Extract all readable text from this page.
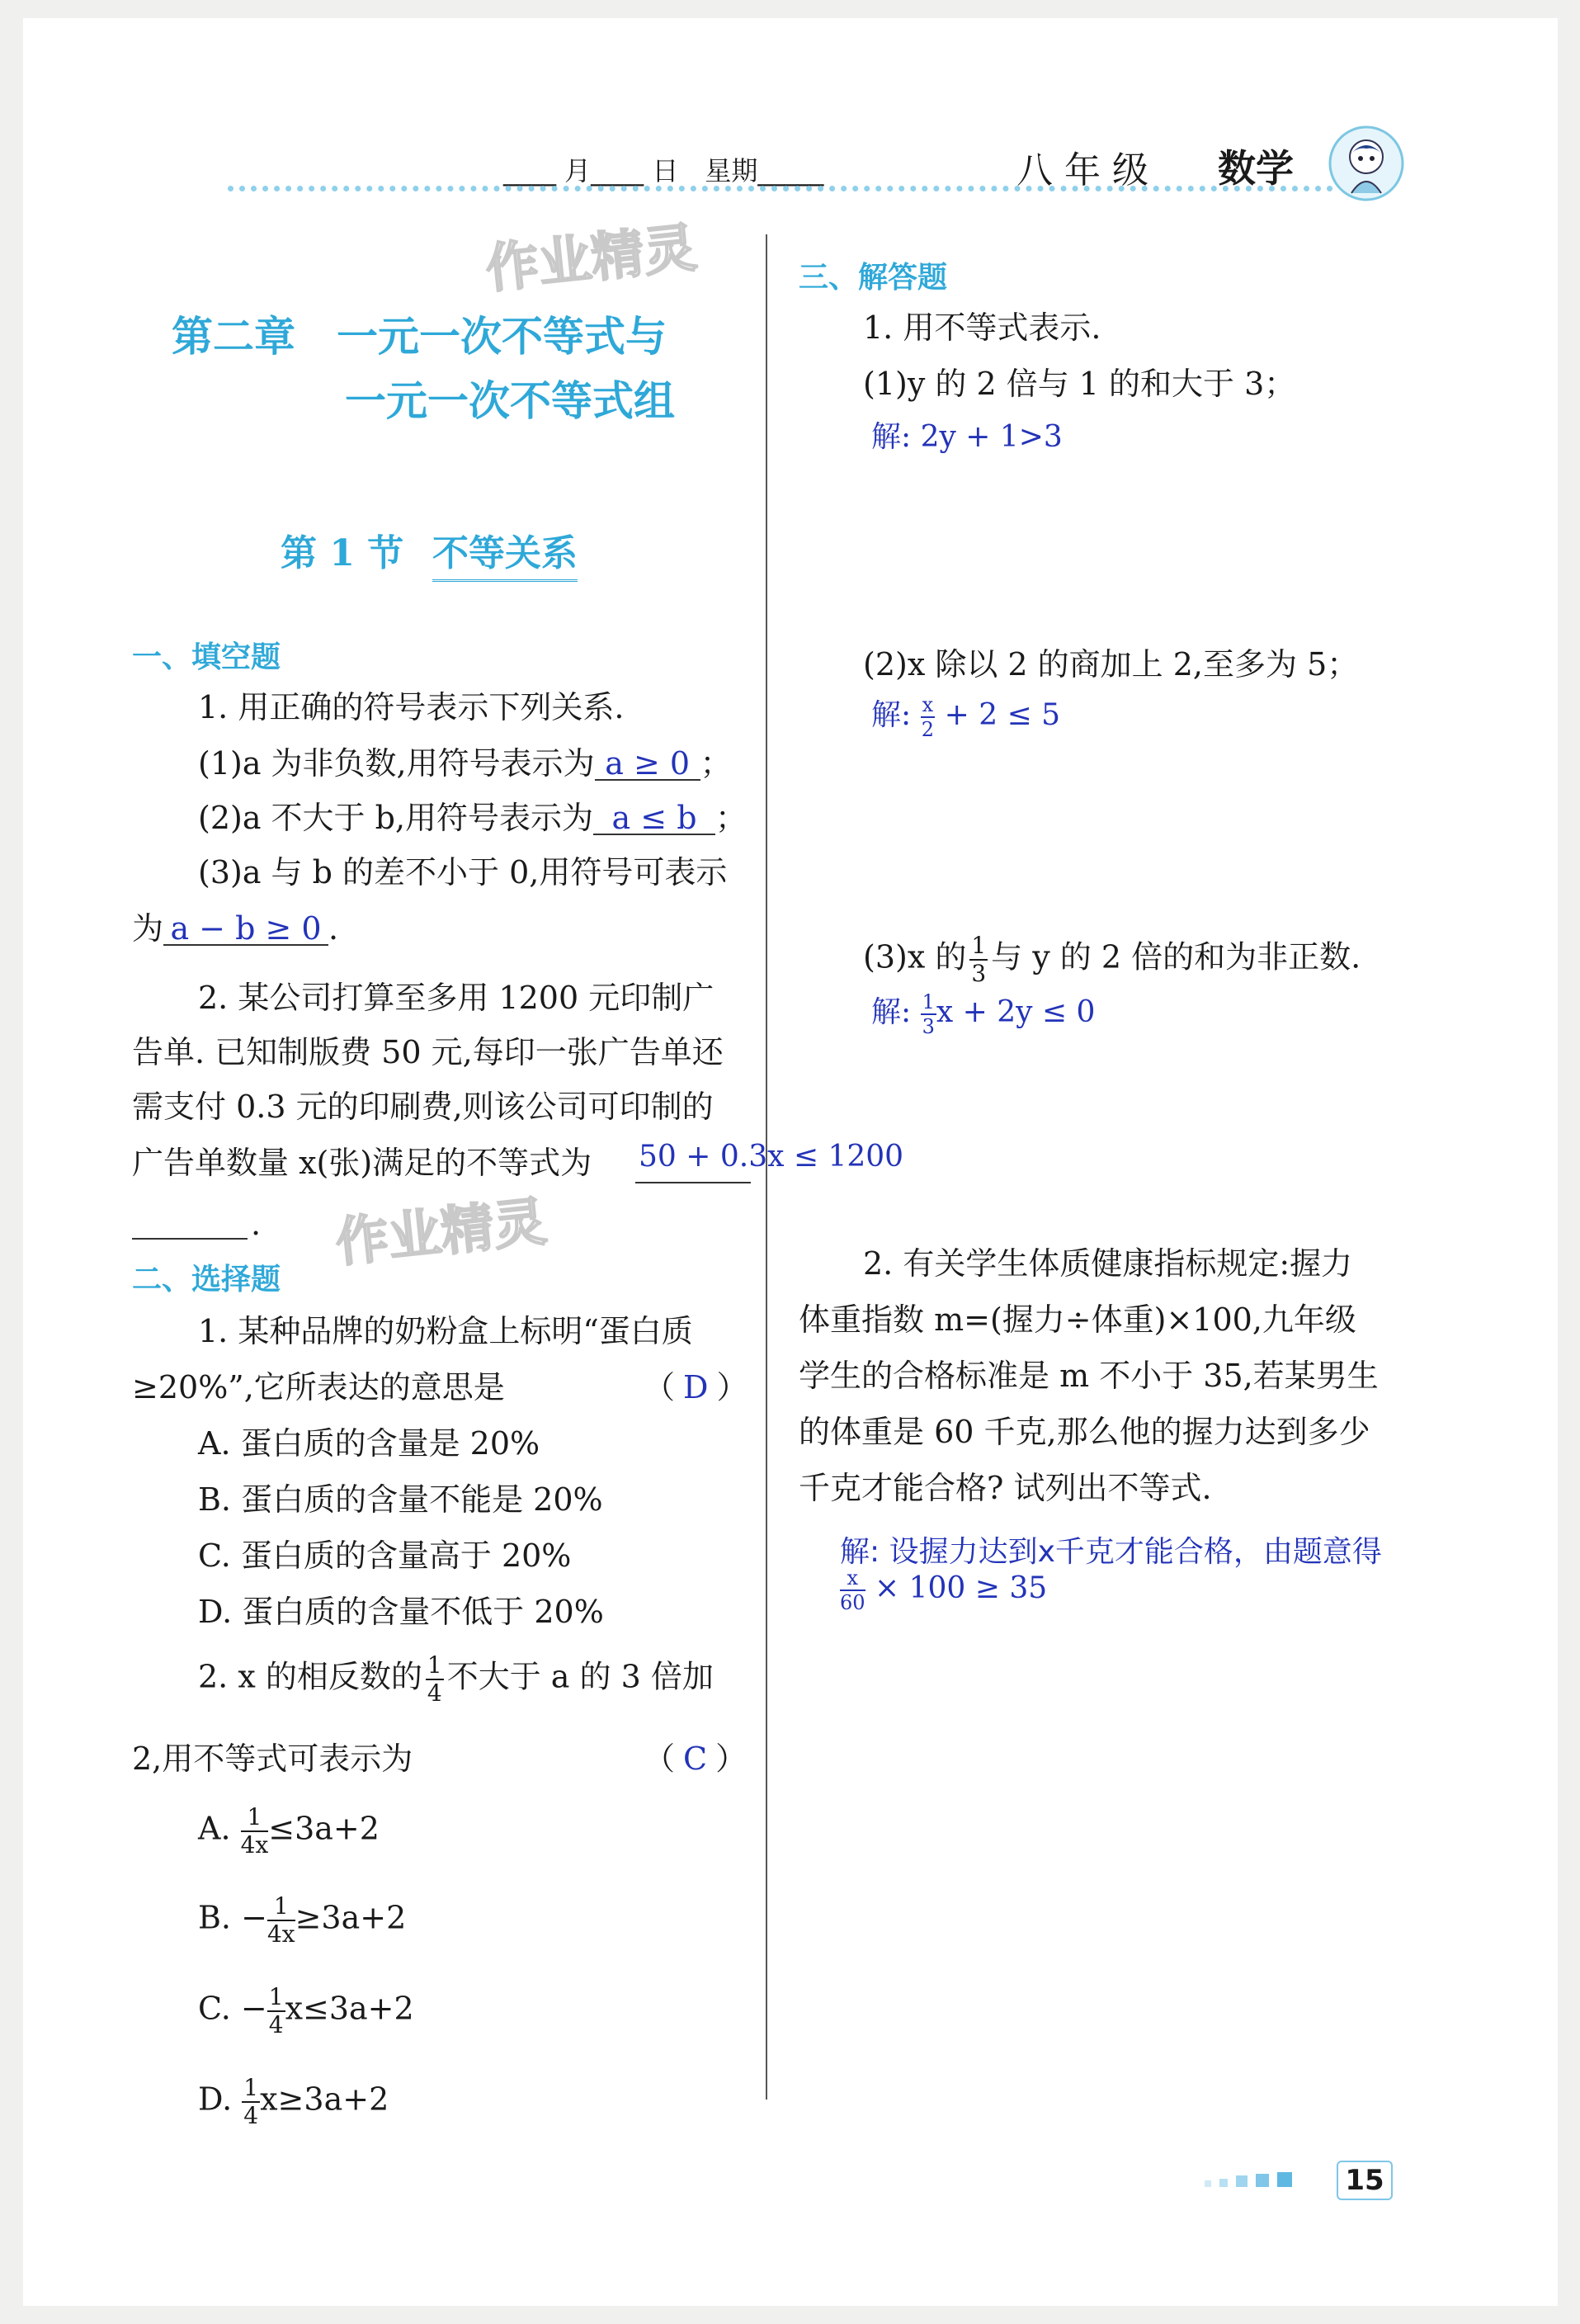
____ 月____ 日　星期_____	八 年 级 数学
作业精灵
作业精灵
第二章　一元一次不等式与
一元一次不等式组
第 1 节 不等关系
一、填空题
1. 用正确的符号表示下列关系.
(1)a 为非负数,用符号表示为 a ≥ 0 ；
(2)a 不大于 b,用符号表示为 a ≤ b ；
(3)a 与 b 的差不小于 0,用符号可表示
为 a − b ≥ 0 .
2. 某公司打算至多用 1200 元印制广
告单. 已知制版费 50 元,每印一张广告单还
需支付 0.3 元的印刷费,则该公司可印制的
广告单数量 x(张)满足的不等式为 50 + 0.3x ≤ 1200
.
二、选择题
1. 某种品牌的奶粉盒上标明“蛋白质
≥20%”,它所表达的意思是	（ D ）
A. 蛋白质的含量是 20%
B. 蛋白质的含量不能是 20%
C. 蛋白质的含量高于 20%
D. 蛋白质的含量不低于 20%
2. x 的相反数的 $\frac{1}{4}$ 不大于 a 的 3 倍加
2,用不等式可表示为	（ C ）
A. $\frac{1}{4x} \le 3a+2$
B. − $\frac{1}{4x} \ge 3a+2$
C. − $\frac{1}{4} x\le 3a+2$
D. $\frac{1}{4} x\ge 3a+2$
三、解答题
1. 用不等式表示.
(1)y 的 2 倍与 1 的和大于 3；
解: 2y + 1>3
(2)x 除以 2 的商加上 2,至多为 5；
解: $\frac{x}{2} + 2 \le 5$
(3)x 的 $\frac{1}{3}$ 与 y 的 2 倍的和为非正数.
解: $\frac{1}{3}$ x + 2y ≤ 0
2. 有关学生体质健康指标规定:握力
体重指数 m=(握力÷体重)×100,九年级
学生的合格标准是 m 不小于 35,若某男生
的体重是 60 千克,那么他的握力达到多少
千克才能合格? 试列出不等式.
解: 设握力达到x千克才能合格，由题意得
$\frac{x}{60} \times 100 \ge 35$
15
